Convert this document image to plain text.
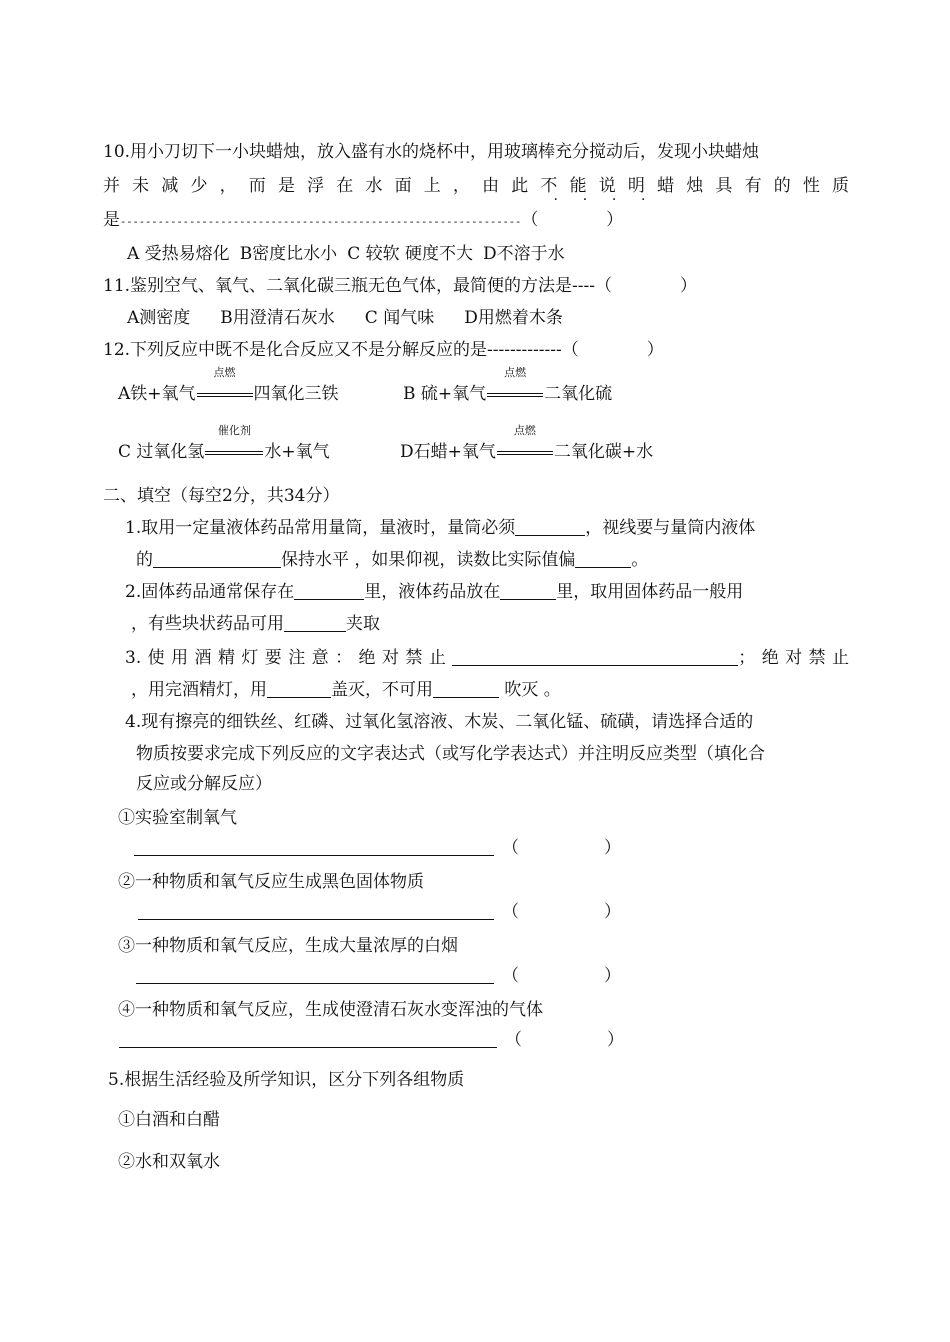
10.用小刀切下一小块蜡烛，放入盛有水的烧杯中，用玻璃棒充分搅动后，发现小块蜡烛
并未减少，而是浮在水面上，由此不能说明蜡烛具有的性质
是----------------------------------------------------------------（　　　　）
A 受热易熔化 B密度比水小 C 较软 硬度不大 D不溶于水
11.鉴别空气、氧气、二氧化碳三瓶无色气体，最简便的方法是----（　　　　）
A测密度 B用澄清石灰水 C 闻气味 D用燃着木条
12.下列反应中既不是化合反应又不是分解反应的是-------------（　　　　）
A铁+氧气
点燃
四氧化三铁	B 硫+氧气
点燃
二氧化硫
C 过氧化氢
催化剂
水+氧气	D石蜡+氧气
点燃
二氧化碳+水
二、填空（每空2分，共34分）
1.取用一定量液体药品常用量筒，量液时，量筒必须	，视线要与量筒内液体
的	保持水平 ，如果仰视，读数比实际值偏	。
2.固体药品通常保存在	里，液体药品放在	里，取用固体药品一般用
，有些块状药品可用	夹取
3.使用酒精灯要注意：绝对禁止	；绝对禁止
，用完酒精灯，用	盖灭，不可用	吹灭 。
4.现有擦亮的细铁丝、红磷、过氧化氢溶液、木炭、二氧化锰、硫磺，请选择合适的
物质按要求完成下列反应的文字表达式（或写化学表达式）并注明反应类型（填化合
反应或分解反应）
①实验室制氧气
（　　　　　）
②一种物质和氧气反应生成黑色固体物质
（　　　　　）
③一种物质和氧气反应，生成大量浓厚的白烟
（　　　　　）
④一种物质和氧气反应，生成使澄清石灰水变浑浊的气体
（　　　　　）
5.根据生活经验及所学知识，区分下列各组物质
①白酒和白醋
②水和双氧水
